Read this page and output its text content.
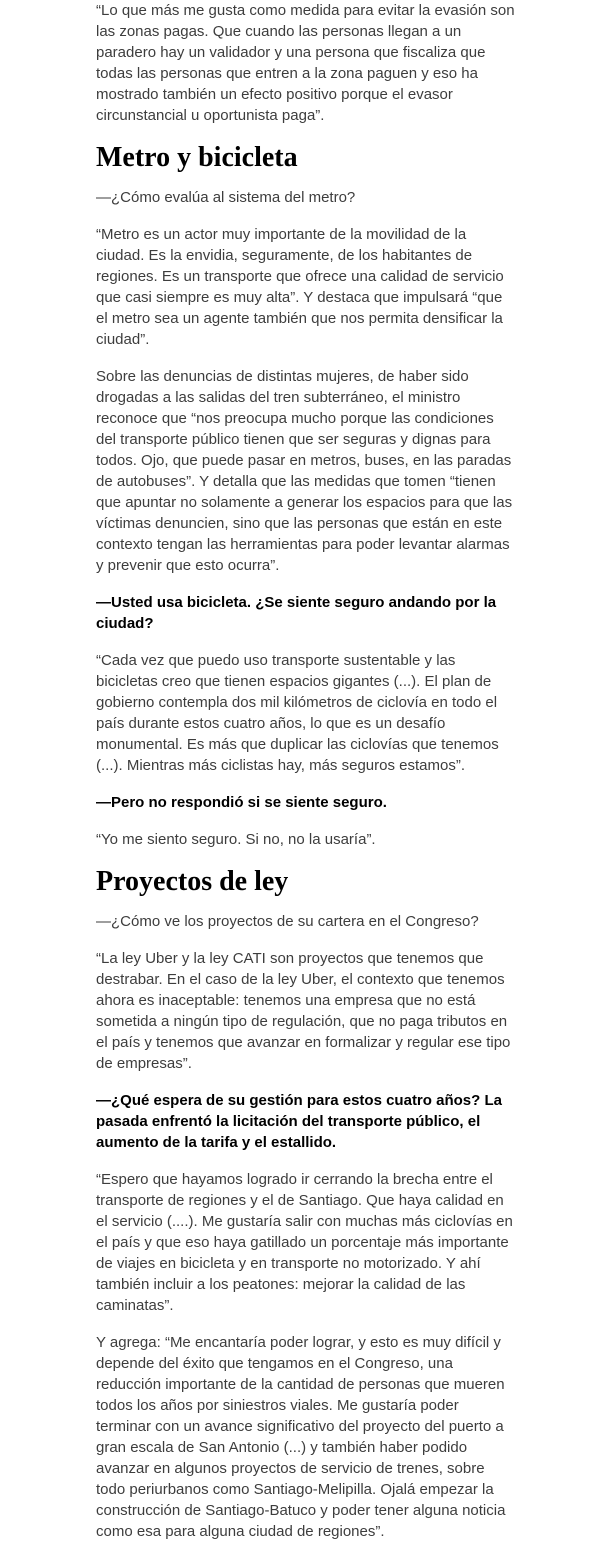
“Lo que más me gusta como medida para evitar la evasión son las zonas pagas. Que cuando las personas llegan a un paradero hay un validador y una persona que fiscaliza que todas las personas que entren a la zona paguen y eso ha mostrado también un efecto positivo porque el evasor circunstancial u oportunista paga”.

Metro y bicicleta

—¿Cómo evalúa al sistema del metro?

“Metro es un actor muy importante de la movilidad de la ciudad. Es la envidia, seguramente, de los habitantes de regiones. Es un transporte que ofrece una calidad de servicio que casi siempre es muy alta”. Y destaca que impulsará “que el metro sea un agente también que nos permita densificar la ciudad”.

Sobre las denuncias de distintas mujeres, de haber sido drogadas a las salidas del tren subterráneo, el ministro reconoce que “nos preocupa mucho porque las condiciones del transporte público tienen que ser seguras y dignas para todos. Ojo, que puede pasar en metros, buses, en las paradas de autobuses”. Y detalla que las medidas que tomen “tienen que apuntar no solamente a generar los espacios para que las víctimas denuncien, sino que las personas que están en este contexto tengan las herramientas para poder levantar alarmas y prevenir que esto ocurra”.

—Usted usa bicicleta. ¿Se siente seguro andando por la ciudad?

“Cada vez que puedo uso transporte sustentable y las bicicletas creo que tienen espacios gigantes (...). El plan de gobierno contempla dos mil kilómetros de ciclovía en todo el país durante estos cuatro años, lo que es un desafío monumental. Es más que duplicar las ciclovías que tenemos (...). Mientras más ciclistas hay, más seguros estamos”.

—Pero no respondió si se siente seguro.

“Yo me siento seguro. Si no, no la usaría”.

Proyectos de ley

—¿Cómo ve los proyectos de su cartera en el Congreso?

“La ley Uber y la ley CATI son proyectos que tenemos que destrabar. En el caso de la ley Uber, el contexto que tenemos ahora es inaceptable: tenemos una empresa que no está sometida a ningún tipo de regulación, que no paga tributos en el país y tenemos que avanzar en formalizar y regular ese tipo de empresas”.

—¿Qué espera de su gestión para estos cuatro años? La pasada enfrentó la licitación del transporte público, el aumento de la tarifa y el estallido.

“Espero que hayamos logrado ir cerrando la brecha entre el transporte de regiones y el de Santiago. Que haya calidad en el servicio (....). Me gustaría salir con muchas más ciclovías en el país y que eso haya gatillado un porcentaje más importante de viajes en bicicleta y en transporte no motorizado. Y ahí también incluir a los peatones: mejorar la calidad de las caminatas”.

Y agrega: “Me encantaría poder lograr, y esto es muy difícil y depende del éxito que tengamos en el Congreso, una reducción importante de la cantidad de personas que mueren todos los años por siniestros viales. Me gustaría poder terminar con un avance significativo del proyecto del puerto a gran escala de San Antonio (...) y también haber podido avanzar en algunos proyectos de servicio de trenes, sobre todo periurbanos como Santiago-Melipilla. Ojalá empezar la construcción de Santiago-Batuco y poder tener alguna noticia como esa para alguna ciudad de regiones”.
